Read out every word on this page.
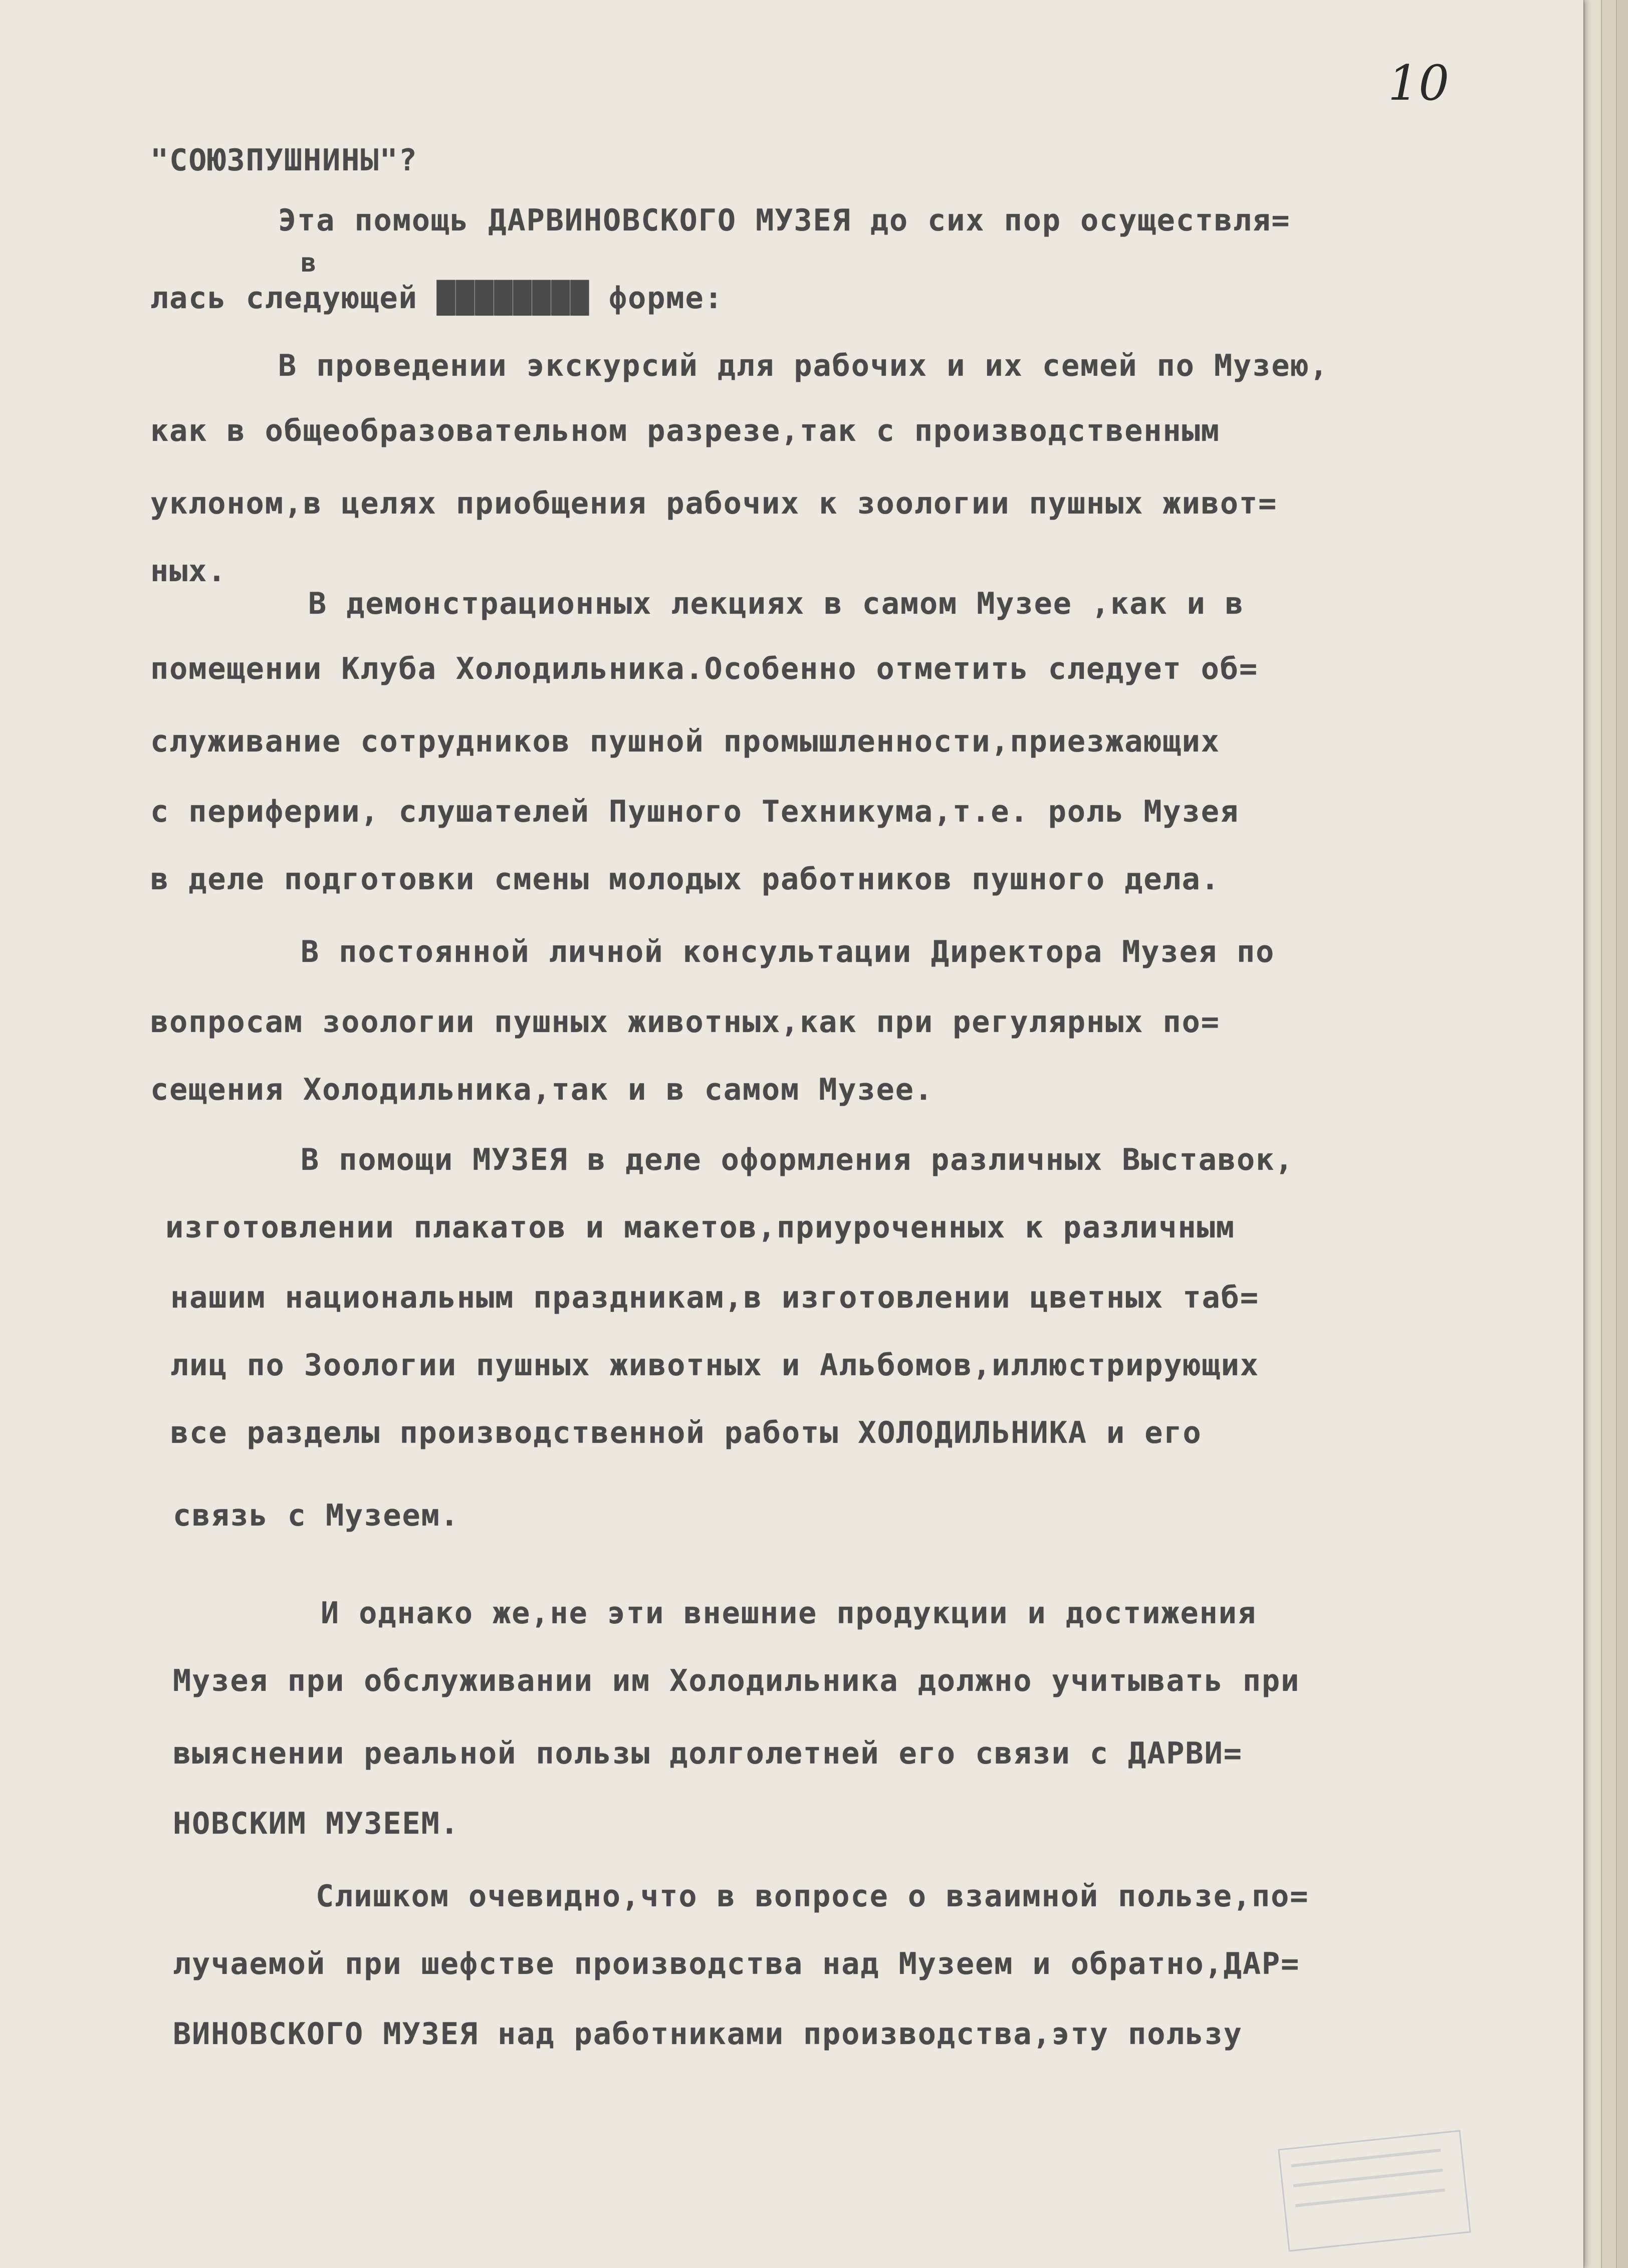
10
"СОЮЗПУШНИНЫ"?
Эта помощь ДАРВИНОВСКОГО МУЗЕЯ до сих пор осуществля=
в
лась следующей ████████ форме:
В проведении экскурсий для рабочих и их семей по Музею,
как в общеобразовательном разрезе,так с производственным
уклоном,в целях приобщения рабочих к зоологии пушных живот=
ных.
В демонстрационных лекциях в самом Музее ,как и в
помещении Клуба Холодильника.Особенно отметить следует об=
служивание сотрудников пушной промышленности,приезжающих
с периферии, слушателей Пушного Техникума,т.е. роль Музея
в деле подготовки смены молодых работников пушного дела.
В постоянной личной консультации Директора Музея по
вопросам зоологии пушных животных,как при регулярных по=
сещения Холодильника,так и в самом Музее.
В помощи МУЗЕЯ в деле оформления различных Выставок,
изготовлении плакатов и макетов,приуроченных к различным
нашим национальным праздникам,в изготовлении цветных таб=
лиц по Зоологии пушных животных и Альбомов,иллюстрирующих
все разделы производственной работы ХОЛОДИЛЬНИКА и его
связь с Музеем.
И однако же,не эти внешние продукции и достижения
Музея при обслуживании им Холодильника должно учитывать при
выяснении реальной пользы долголетней его связи с ДАРВИ=
НОВСКИМ МУЗЕЕМ.
Слишком очевидно,что в вопросе о взаимной пользе,по=
лучаемой при шефстве производства над Музеем и обратно,ДАР=
ВИНОВСКОГО МУЗЕЯ над работниками производства,эту пользу
